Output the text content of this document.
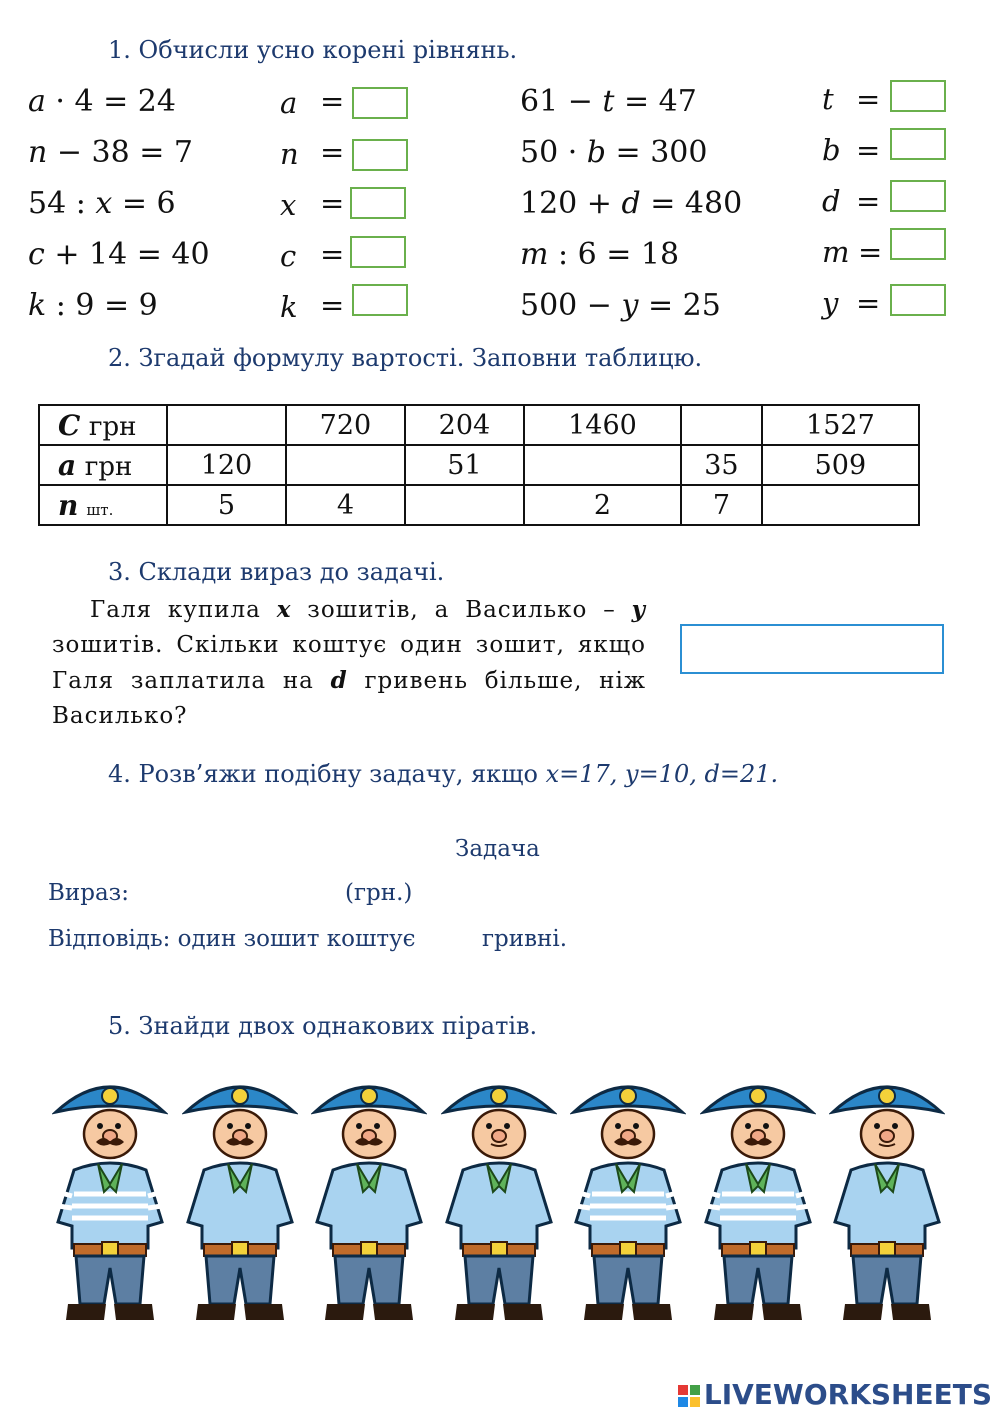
1. Обчисли усно корені рівнянь.
a · 4 = 24
n − 38 = 7
54 : x = 6
c + 14 = 40
k : 9 = 9
a =
n =
x =
c =
k =
61 − t = 47
50 · b = 300
120 + d = 480
m : 6 = 18
500 − y = 25
t =
b =
d =
m =
y =
2. Згадай формулу вартості. Заповни таблицю.
C грн		720	204	1460		1527
a грн	120		51		35	509
n шт.	5	4		2	7	
3. Склади вираз до задачі.
Галя купила x зошитів, а Василько – y
зошитів. Скільки коштує один зошит, якщо
Галя заплатила на d гривень більше, ніж
Василько?
4. Розв’яжи подібну задачу, якщо x=17, y=10, d=21.
Задача
Вираз:	(грн.)
Відповідь: один зошит коштує	гривні.
5. Знайди двох однакових піратів.
LIVEWORKSHEETS
